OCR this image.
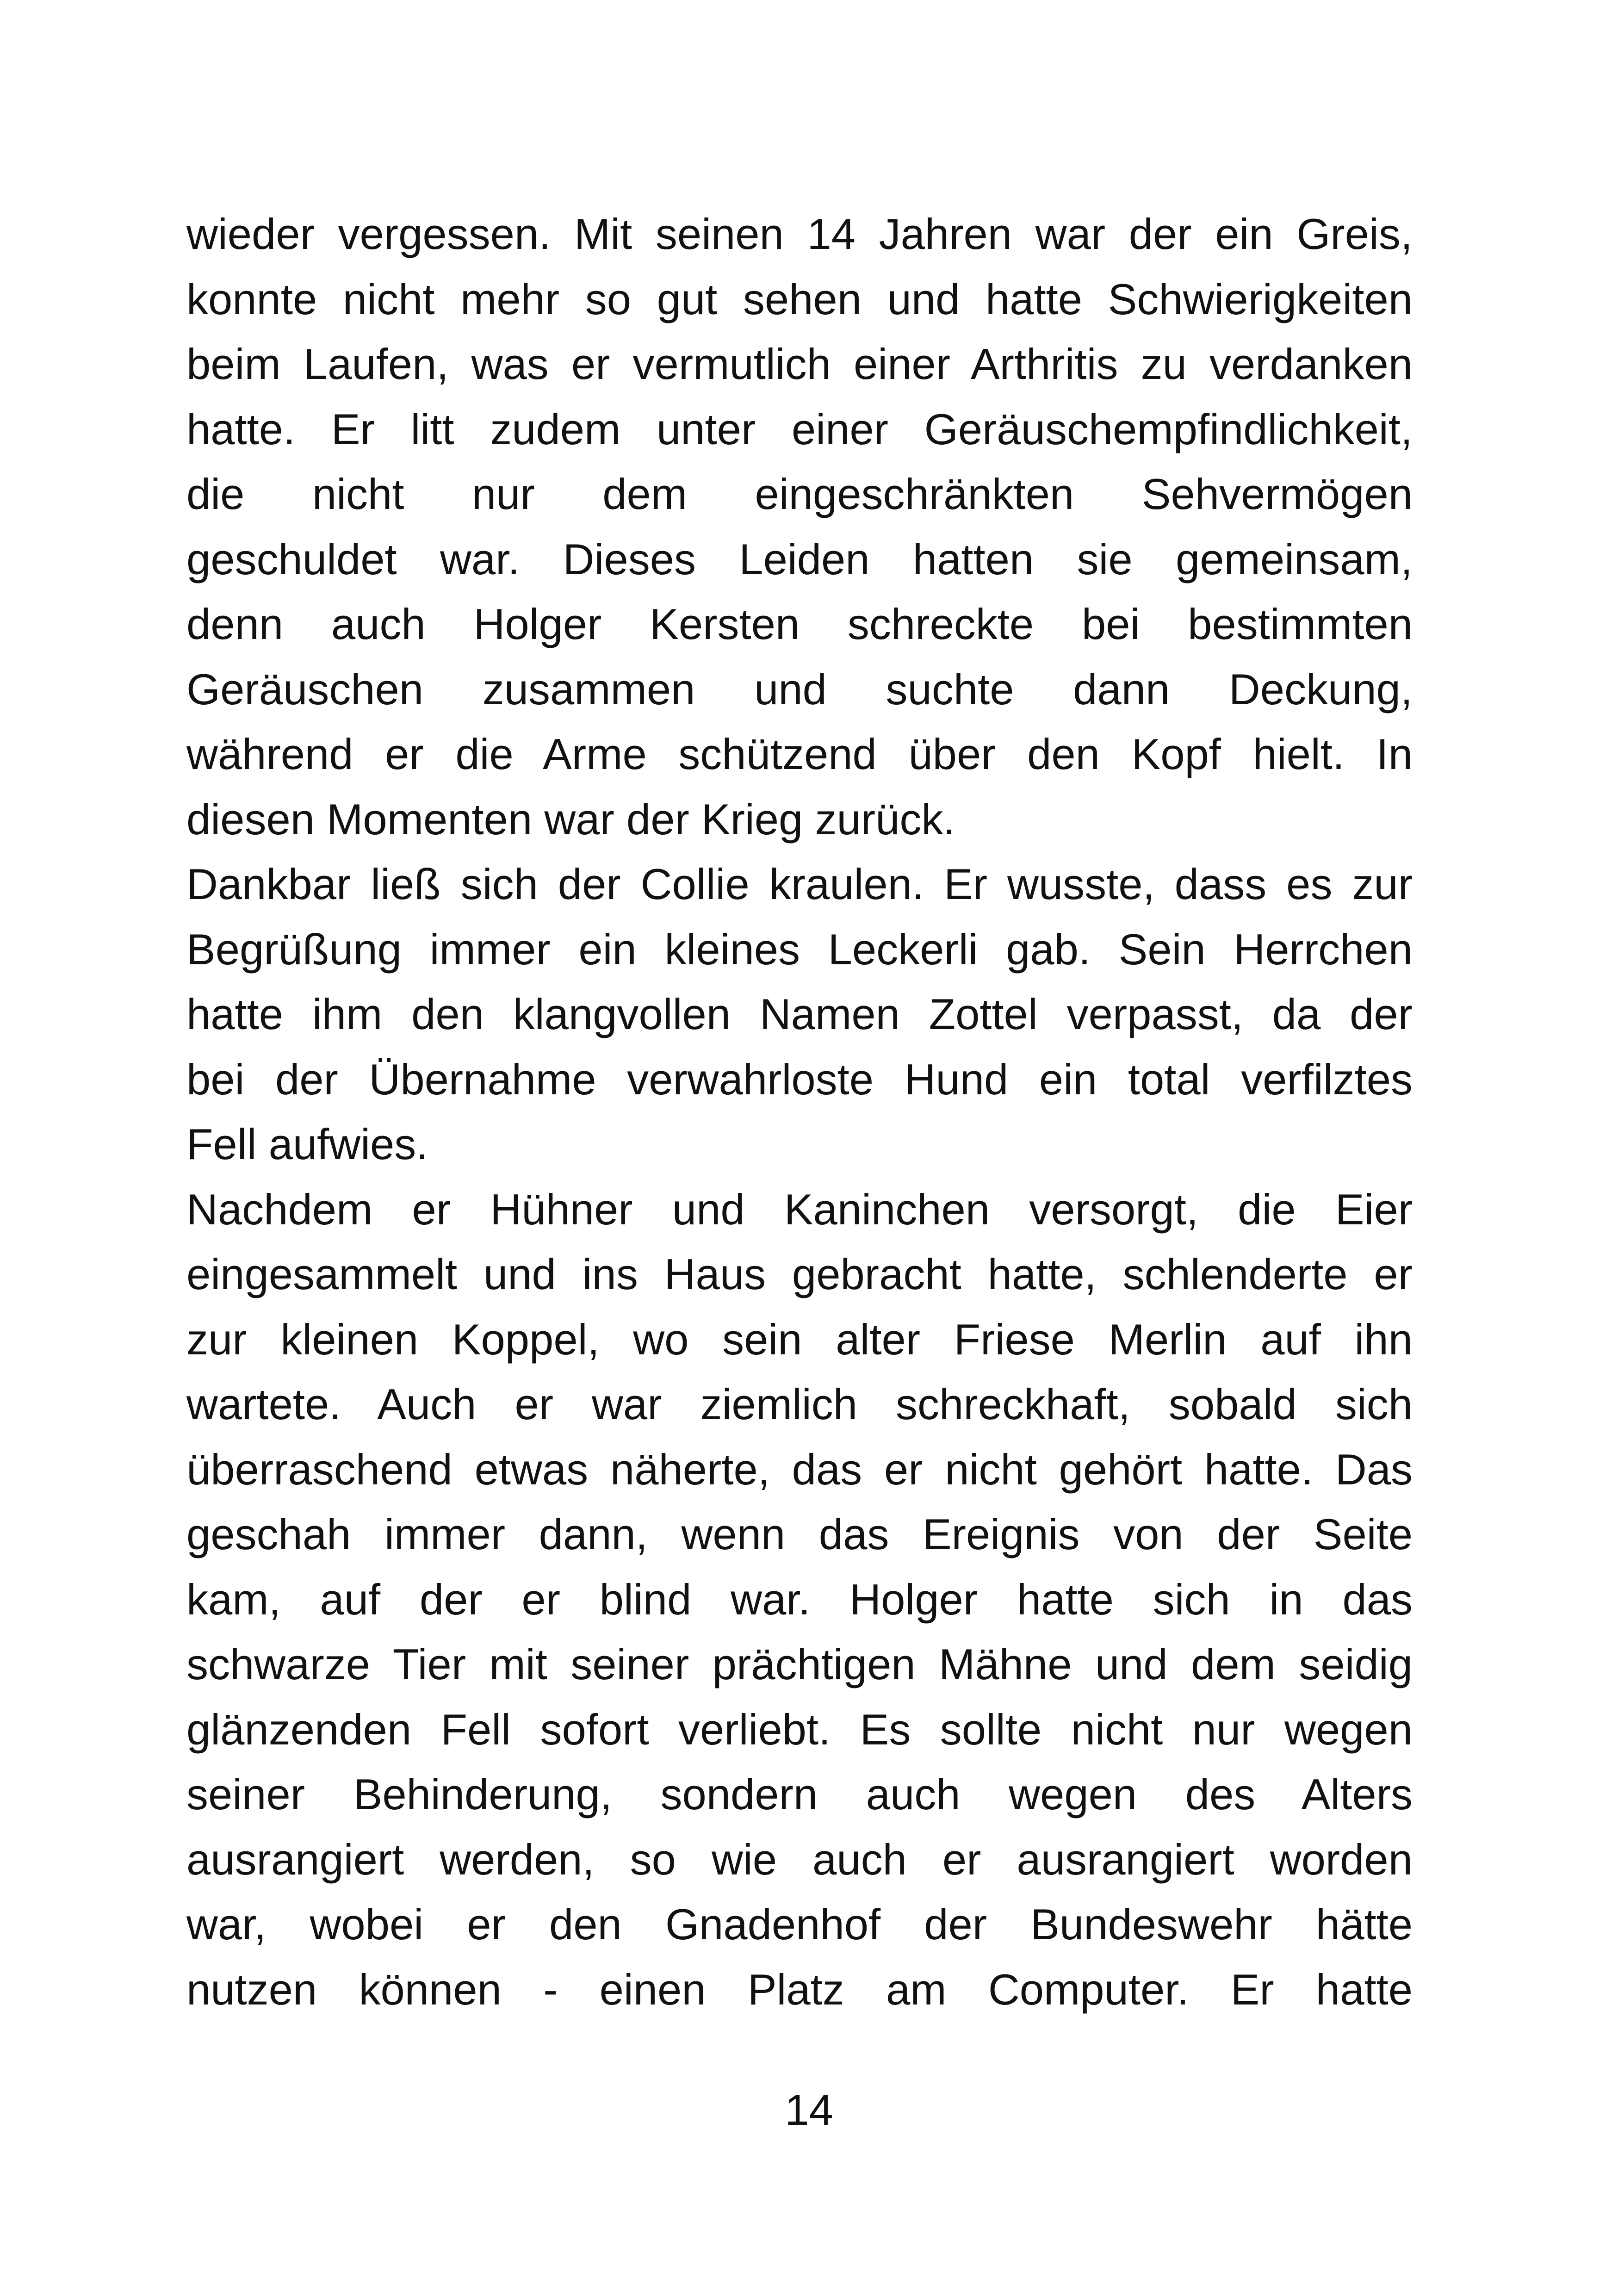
wieder vergessen. Mit seinen 14 Jahren war der ein Greis,
konnte nicht mehr so gut sehen und hatte Schwierigkeiten
beim Laufen, was er vermutlich einer Arthritis zu verdanken
hatte. Er litt zudem unter einer Geräuschempfindlichkeit,
die nicht nur dem eingeschränkten Sehvermögen
geschuldet war. Dieses Leiden hatten sie gemeinsam,
denn auch Holger Kersten schreckte bei bestimmten
Geräuschen zusammen und suchte dann Deckung,
während er die Arme schützend über den Kopf hielt. In
diesen Momenten war der Krieg zurück.
Dankbar ließ sich der Collie kraulen. Er wusste, dass es zur
Begrüßung immer ein kleines Leckerli gab. Sein Herrchen
hatte ihm den klangvollen Namen Zottel verpasst, da der
bei der Übernahme verwahrloste Hund ein total verfilztes
Fell aufwies.
Nachdem er Hühner und Kaninchen versorgt, die Eier
eingesammelt und ins Haus gebracht hatte, schlenderte er
zur kleinen Koppel, wo sein alter Friese Merlin auf ihn
wartete. Auch er war ziemlich schreckhaft, sobald sich
überraschend etwas näherte, das er nicht gehört hatte. Das
geschah immer dann, wenn das Ereignis von der Seite
kam, auf der er blind war. Holger hatte sich in das
schwarze Tier mit seiner prächtigen Mähne und dem seidig
glänzenden Fell sofort verliebt. Es sollte nicht nur wegen
seiner Behinderung, sondern auch wegen des Alters
ausrangiert werden, so wie auch er ausrangiert worden
war, wobei er den Gnadenhof der Bundeswehr hätte
nutzen können - einen Platz am Computer. Er hatte
14
